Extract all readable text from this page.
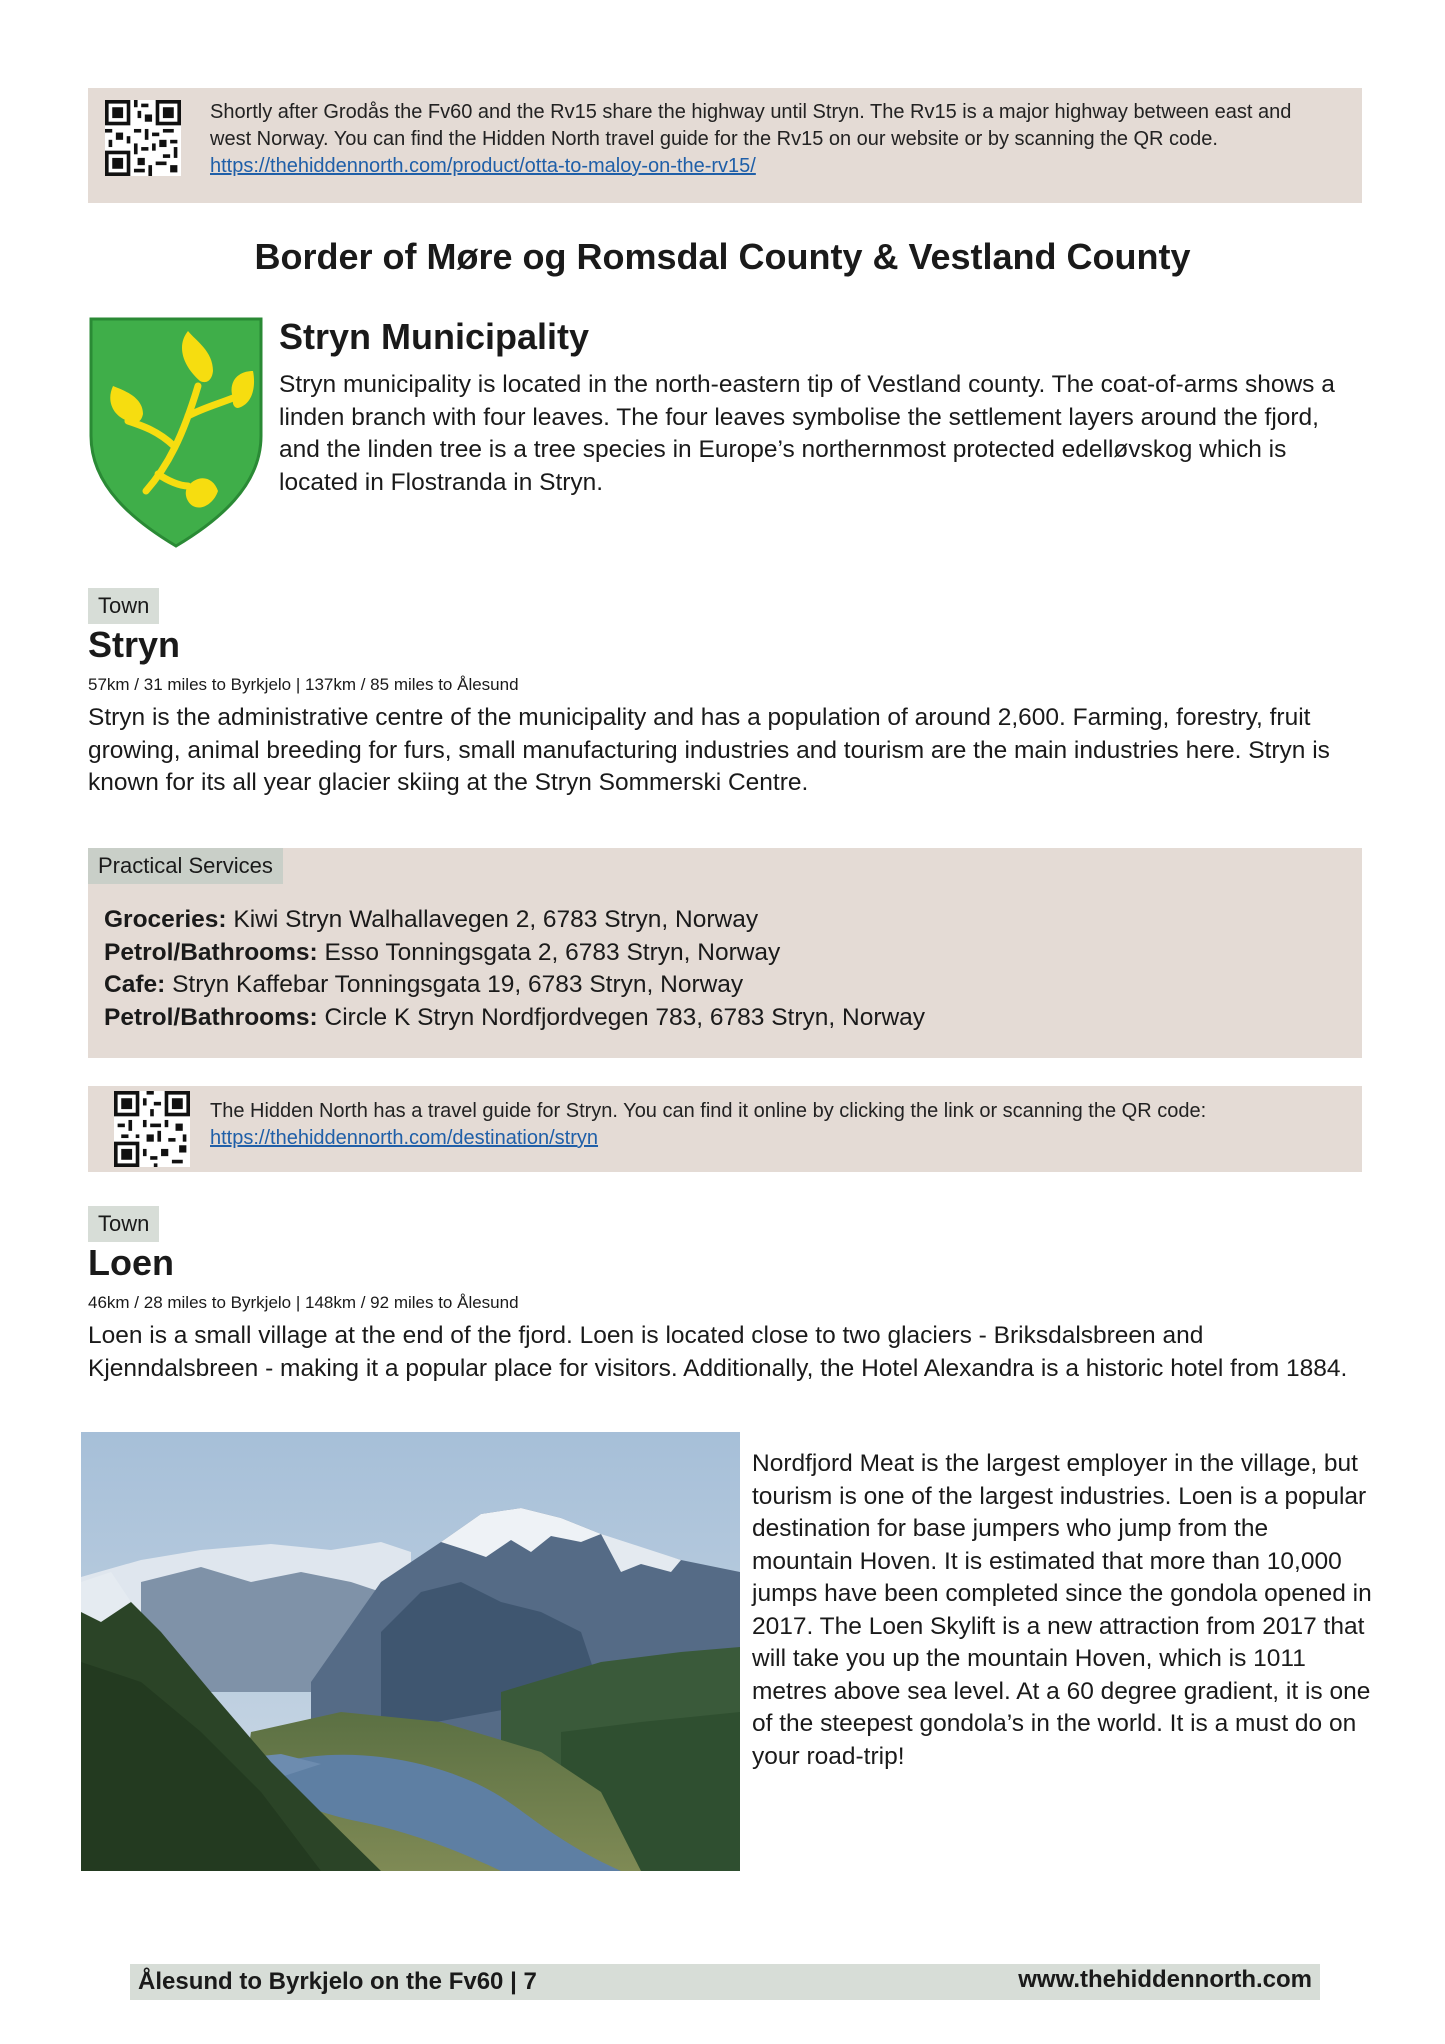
Shortly after Grodås the Fv60 and the Rv15 share the highway until Stryn. The Rv15 is a major highway between east and west Norway. You can find the Hidden North travel guide for the Rv15 on our website or by scanning the QR code. https://thehiddennorth.com/product/otta-to-maloy-on-the-rv15/
Border of Møre og Romsdal County & Vestland County
Stryn Municipality
Stryn municipality is located in the north-eastern tip of Vestland county. The coat-of-arms shows a linden branch with four leaves. The four leaves symbolise the settlement layers around the fjord, and the linden tree is a tree species in Europe’s northernmost protected edelløvskog which is located in Flostranda in Stryn.
Town
Stryn
57km / 31 miles to Byrkjelo | 137km / 85 miles to Ålesund
Stryn is the administrative centre of the municipality and has a population of around 2,600. Farming, forestry, fruit growing, animal breeding for furs, small manufacturing industries and tourism are the main industries here. Stryn is known for its all year glacier skiing at the Stryn Sommerski Centre.
Practical Services
Groceries: Kiwi Stryn Walhallavegen 2, 6783 Stryn, Norway
Petrol/Bathrooms: Esso Tonningsgata 2, 6783 Stryn, Norway
Cafe: Stryn Kaffebar Tonningsgata 19, 6783 Stryn, Norway
Petrol/Bathrooms: Circle K Stryn Nordfjordvegen 783, 6783 Stryn, Norway
The Hidden North has a travel guide for Stryn. You can find it online by clicking the link or scanning the QR code: https://thehiddennorth.com/destination/stryn
Town
Loen
46km / 28 miles to Byrkjelo | 148km / 92 miles to Ålesund
Loen is a small village at the end of the fjord. Loen is located close to two glaciers - Briksdalsbreen and Kjenndalsbreen - making it a popular place for visitors. Additionally, the Hotel Alexandra is a historic hotel from 1884.
Nordfjord Meat is the largest employer in the village, but tourism is one of the largest industries. Loen is a popular destination for base jumpers who jump from the mountain Hoven. It is estimated that more than 10,000 jumps have been completed since the gondola opened in 2017. The Loen Skylift is a new attraction from 2017 that will take you up the mountain Hoven, which is 1011 metres above sea level. At a 60 degree gradient, it is one of the steepest gondola’s in the world. It is a must do on your road-trip!
Ålesund to Byrkjelo on the Fv60 | 7	www.thehiddennorth.com
